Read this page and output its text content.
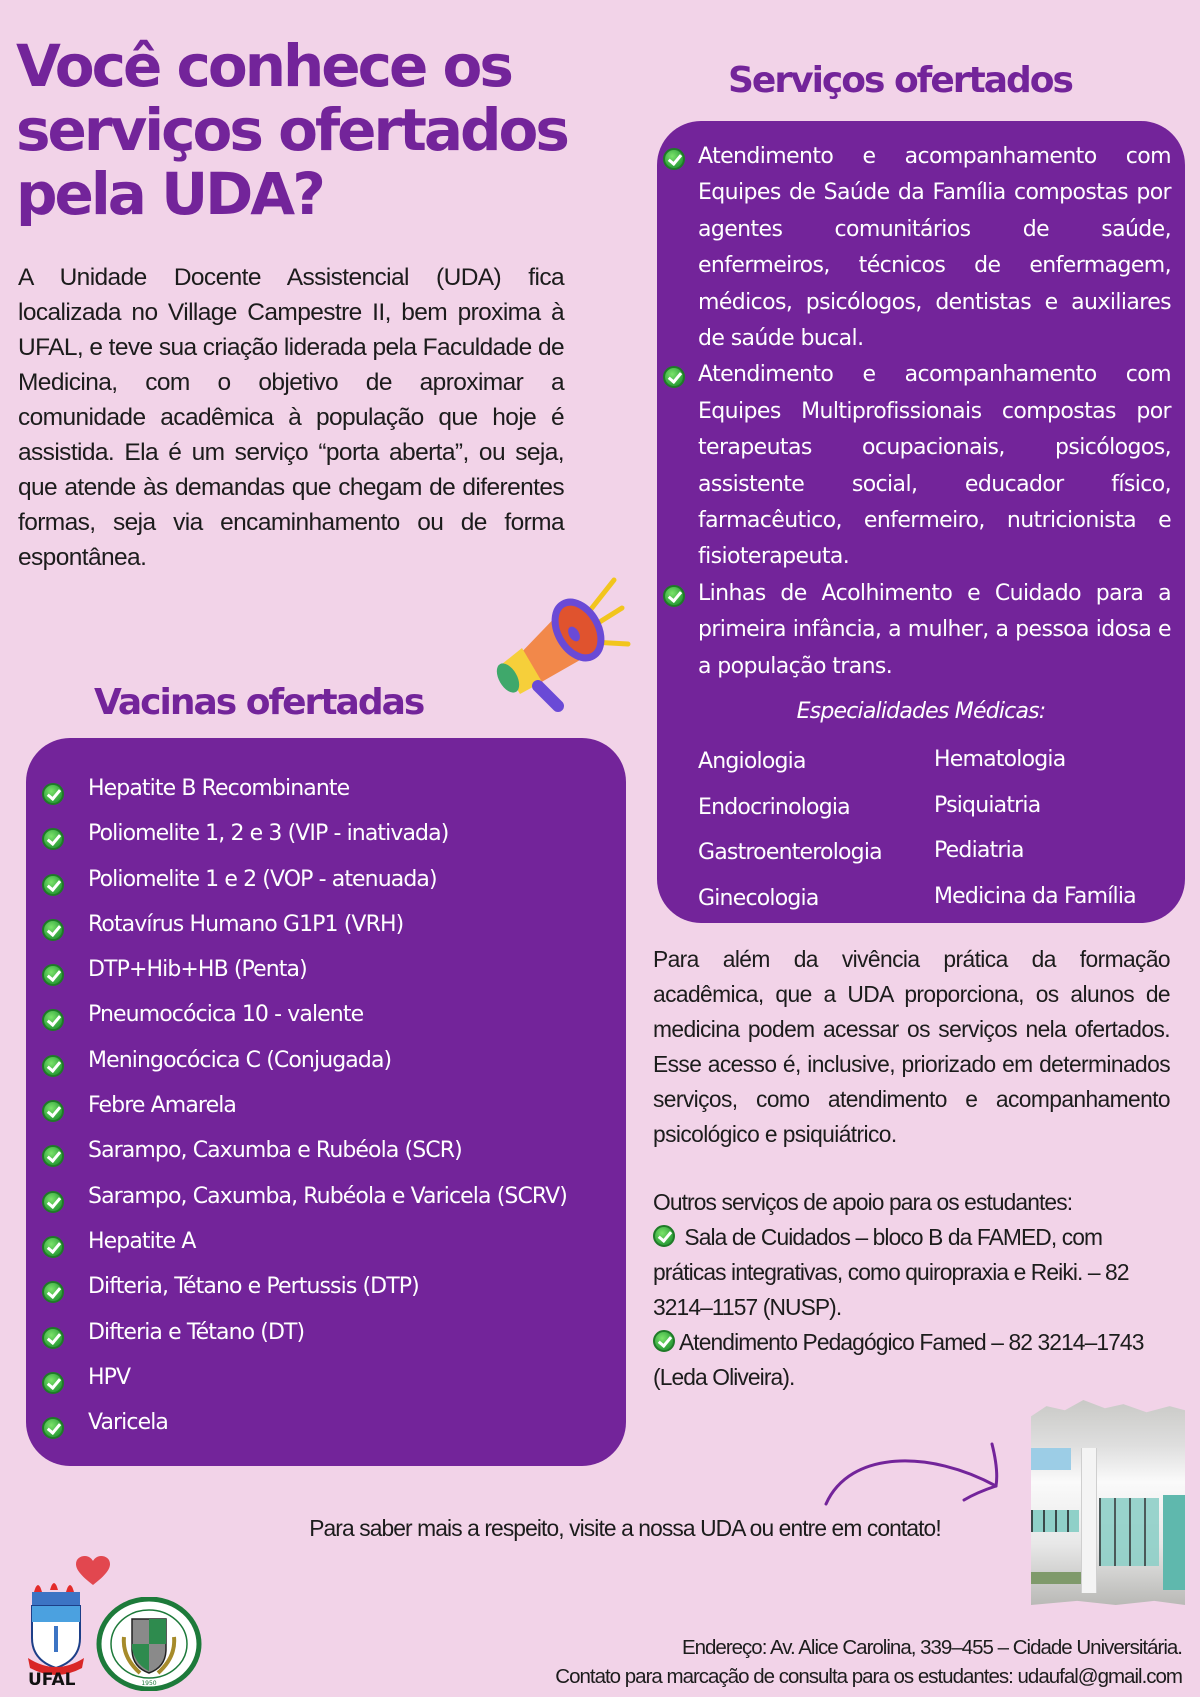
Você conhece os
serviços ofertados
pela UDA?

A Unidade Docente Assistencial (UDA) fica localizada no Village Campestre II, bem proxima à UFAL, e teve sua criação liderada pela Faculdade de Medicina, com o objetivo de aproximar a comunidade acadêmica à população que hoje é assistida. Ela é um serviço “porta aberta”, ou seja, que atende às demandas que chegam de diferentes formas, seja via encaminhamento ou de forma espontânea.

Serviços ofertados
Atendimento e acompanhamento com Equipes de Saúde da Família compostas por agentes comunitários de saúde, enfermeiros, técnicos de enfermagem, médicos, psicólogos, dentistas e auxiliares de saúde bucal.
Atendimento e acompanhamento com Equipes Multiprofissionais compostas por terapeutas ocupacionais, psicólogos, assistente social, educador físico, farmacêutico, enfermeiro, nutricionista e fisioterapeuta.
Linhas de Acolhimento e Cuidado para a primeira infância, a mulher, a pessoa idosa e a população trans.
Especialidades Médicas:
Angiologia
Endocrinologia
Gastroenterologia
Ginecologia
Hematologia
Psiquiatria
Pediatria
Medicina da Família
Vacinas ofertadas
Hepatite B Recombinante
Poliomelite 1, 2 e 3 (VIP - inativada)
Poliomelite 1 e 2 (VOP - atenuada)
Rotavírus Humano G1P1 (VRH)
DTP+Hib+HB (Penta)
Pneumocócica 10 - valente
Meningocócica C (Conjugada)
Febre Amarela
Sarampo, Caxumba e Rubéola (SCR)
Sarampo, Caxumba, Rubéola e Varicela (SCRV)
Hepatite A
Difteria, Tétano e Pertussis (DTP)
Difteria e Tétano (DT)
HPV
Varicela

Para além da vivência prática da formação acadêmica, que a UDA proporciona, os alunos de medicina podem acessar os serviços nela ofertados. Esse acesso é, inclusive, priorizado em determinados serviços, como atendimento e acompanhamento psicológico e psiquiátrico.

Outros serviços de apoio para os estudantes:
Sala de Cuidados – bloco B da FAMED, com práticas integrativas, como quiropraxia e Reiki. – 82 3214–1157 (NUSP).
Atendimento Pedagógico Famed – 82 3214–1743 (Leda Oliveira).
Para saber mais a respeito, visite a nossa UDA ou entre em contato!
UFAL	1950
Endereço: Av. Alice Carolina, 339–455 – Cidade Universitária.
Contato para marcação de consulta para os estudantes: udaufal@gmail.com
